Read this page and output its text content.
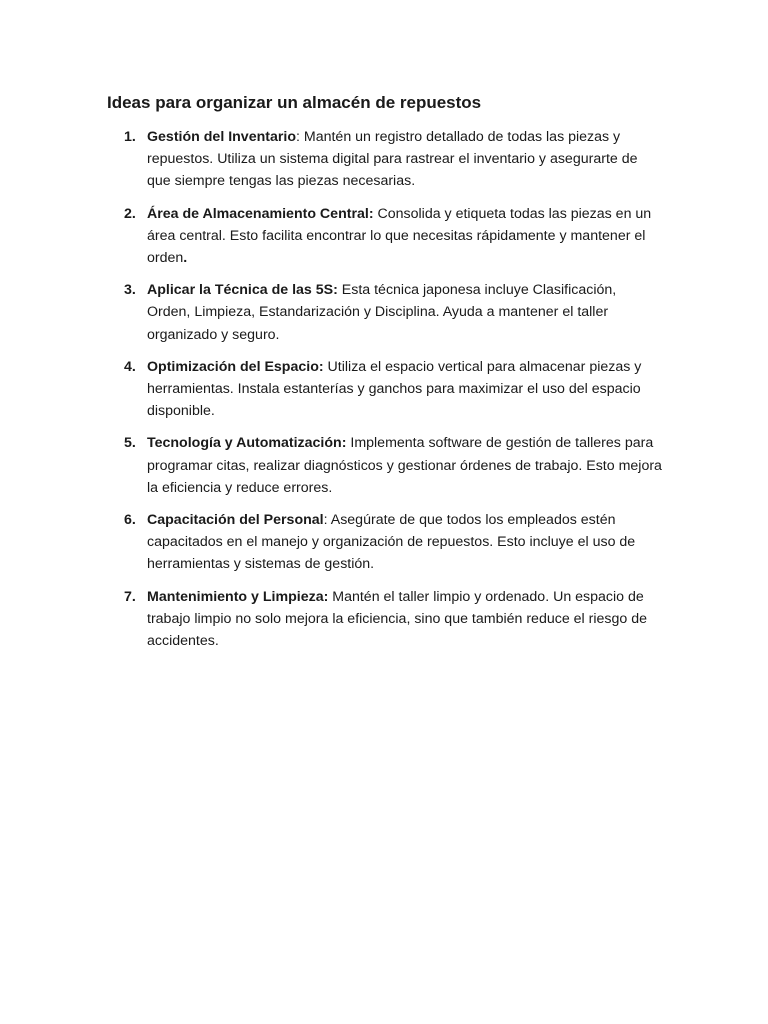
Ideas para organizar un almacén de repuestos
1. Gestión del Inventario: Mantén un registro detallado de todas las piezas y repuestos. Utiliza un sistema digital para rastrear el inventario y asegurarte de que siempre tengas las piezas necesarias.
2. Área de Almacenamiento Central: Consolida y etiqueta todas las piezas en un área central. Esto facilita encontrar lo que necesitas rápidamente y mantener el orden.
3. Aplicar la Técnica de las 5S: Esta técnica japonesa incluye Clasificación, Orden, Limpieza, Estandarización y Disciplina. Ayuda a mantener el taller organizado y seguro.
4. Optimización del Espacio: Utiliza el espacio vertical para almacenar piezas y herramientas. Instala estanterías y ganchos para maximizar el uso del espacio disponible.
5. Tecnología y Automatización: Implementa software de gestión de talleres para programar citas, realizar diagnósticos y gestionar órdenes de trabajo. Esto mejora la eficiencia y reduce errores.
6. Capacitación del Personal: Asegúrate de que todos los empleados estén capacitados en el manejo y organización de repuestos. Esto incluye el uso de herramientas y sistemas de gestión.
7. Mantenimiento y Limpieza: Mantén el taller limpio y ordenado. Un espacio de trabajo limpio no solo mejora la eficiencia, sino que también reduce el riesgo de accidentes.
